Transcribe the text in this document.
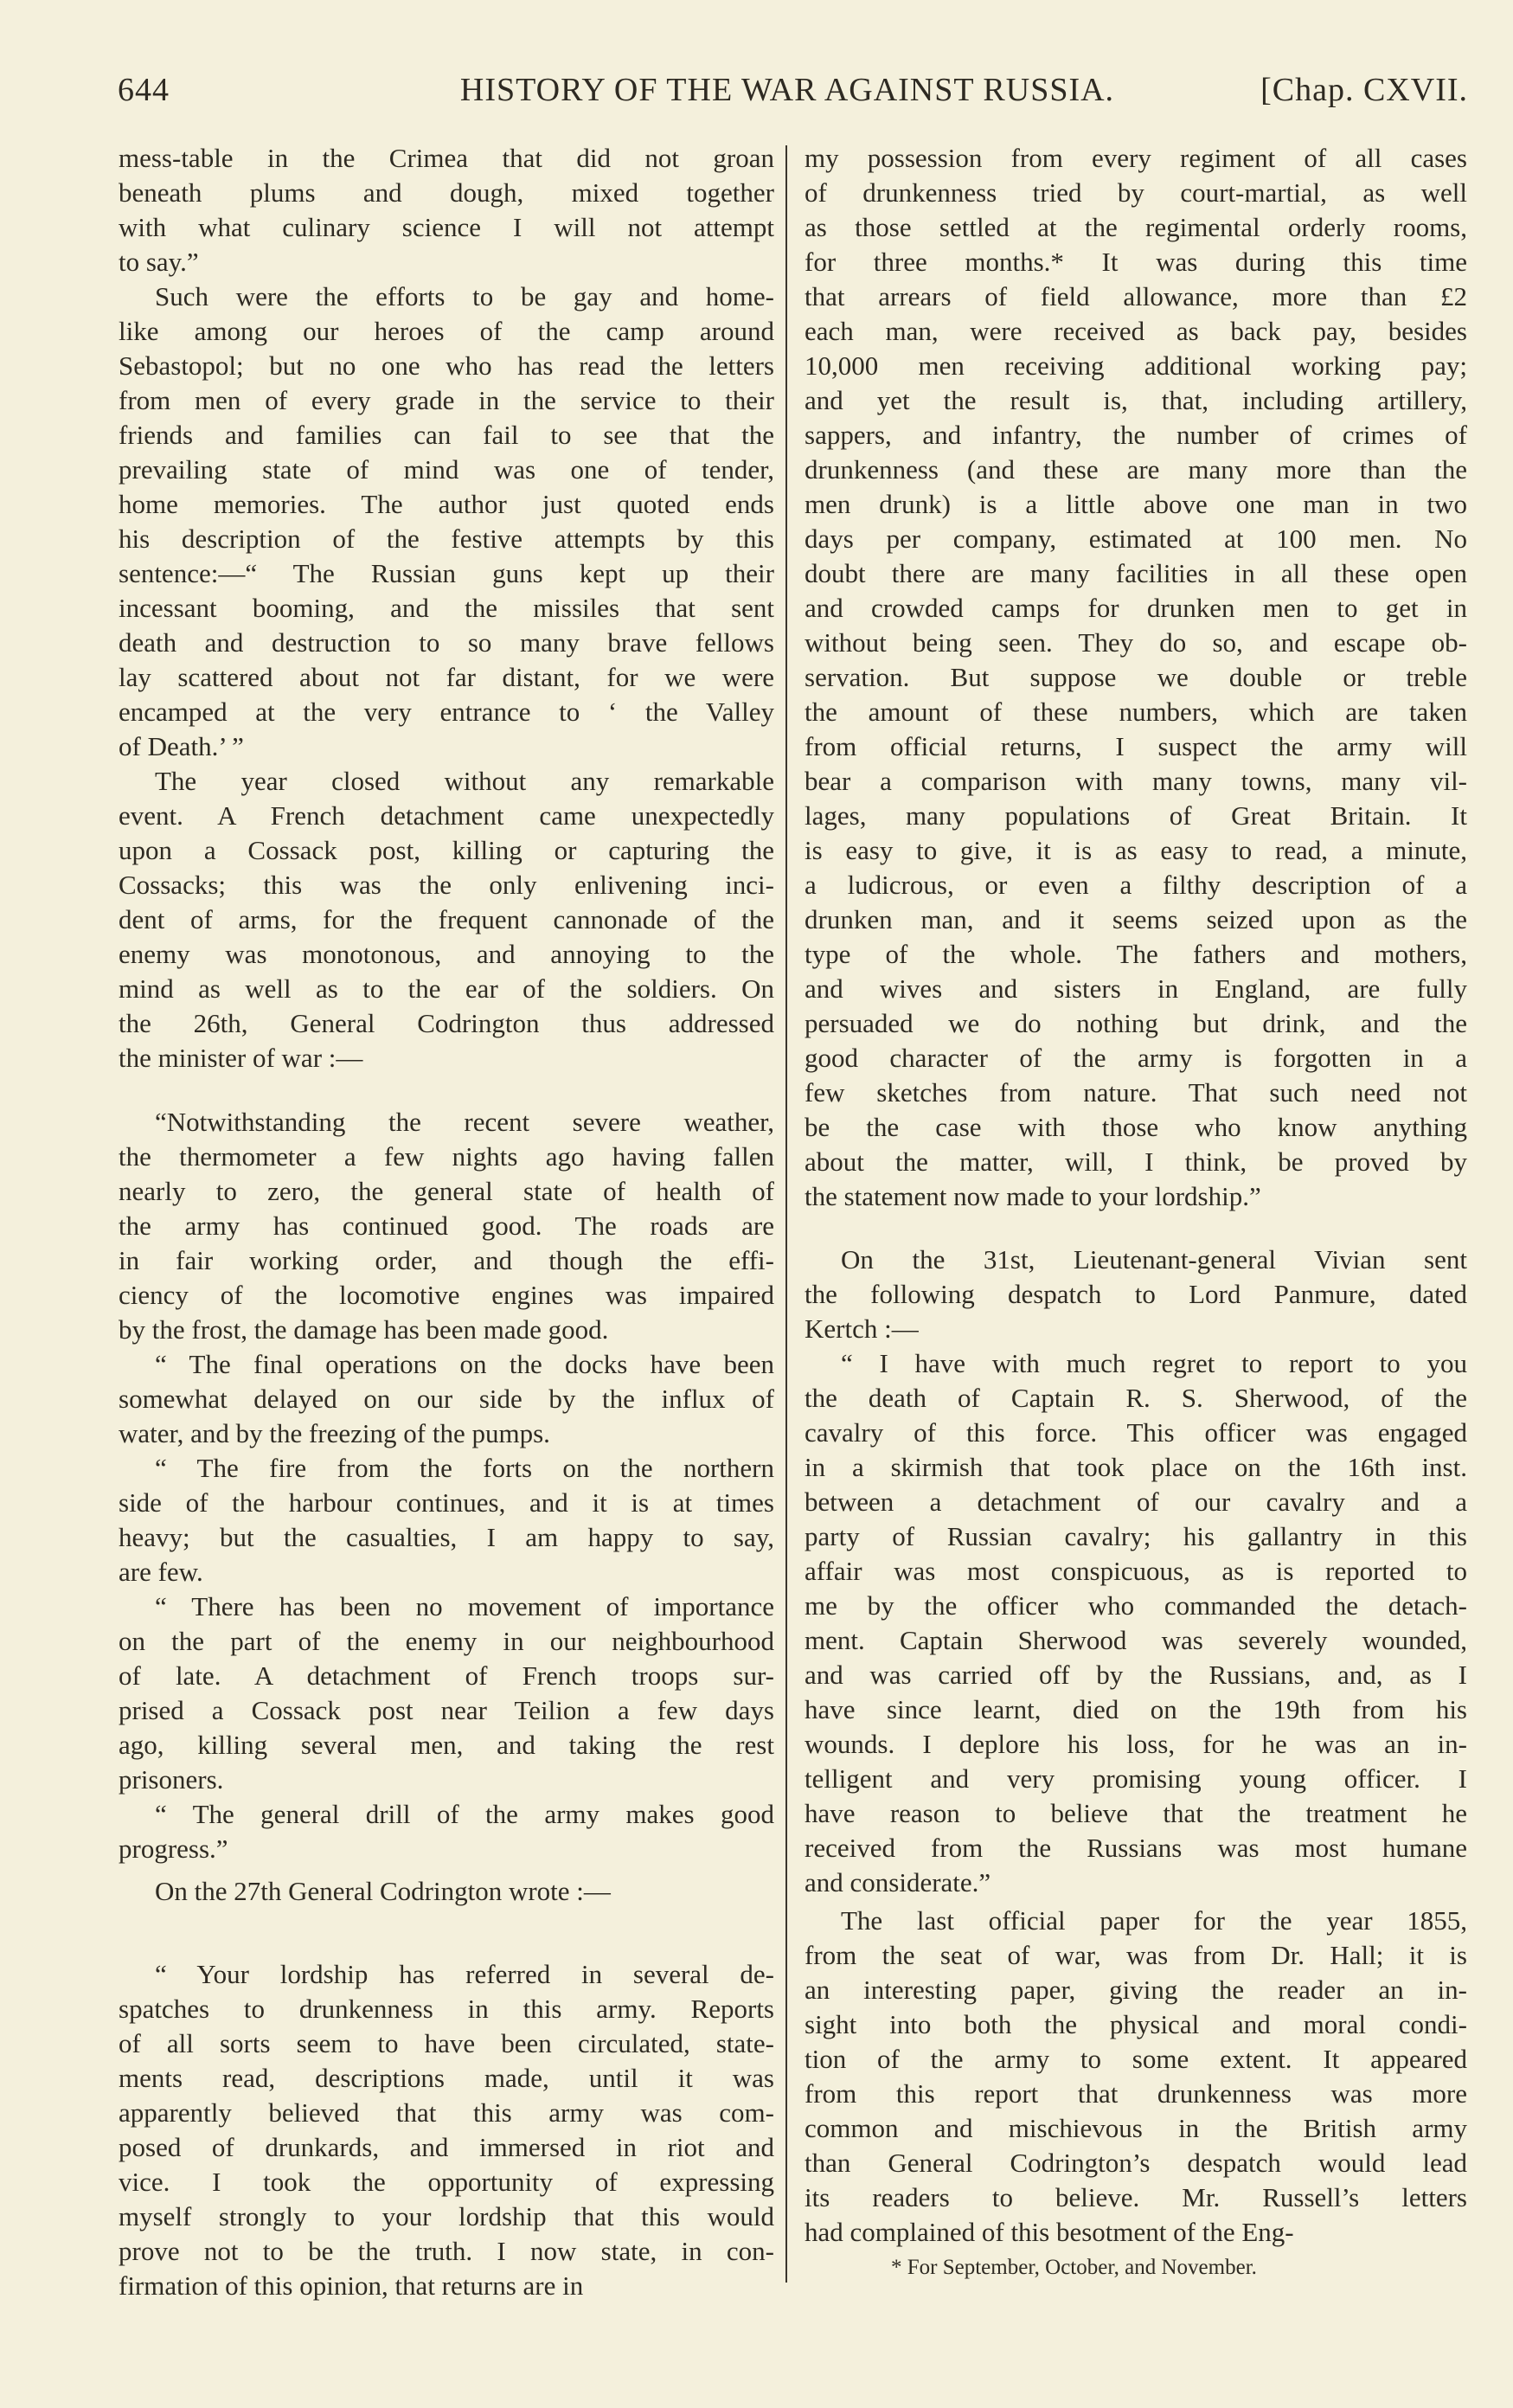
644	HISTORY OF THE WAR AGAINST RUSSIA.	[Chap. CXVII.
mess-table in the Crimea that did not groan
beneath plums and dough, mixed together
with what culinary science I will not attempt
to say.”
Such were the efforts to be gay and home-
like among our heroes of the camp around
Sebastopol; but no one who has read the letters
from men of every grade in the service to their
friends and families can fail to see that the
prevailing state of mind was one of tender,
home memories. The author just quoted ends
his description of the festive attempts by this
sentence:—“ The Russian guns kept up their
incessant booming, and the missiles that sent
death and destruction to so many brave fellows
lay scattered about not far distant, for we were
encamped at the very entrance to ‘ the Valley
of Death.’ ”
The year closed without any remarkable
event. A French detachment came unexpectedly
upon a Cossack post, killing or capturing the
Cossacks; this was the only enlivening inci-
dent of arms, for the frequent cannonade of the
enemy was monotonous, and annoying to the
mind as well as to the ear of the soldiers. On
the 26th, General Codrington thus addressed
the minister of war :—
“Notwithstanding the recent severe weather,
the thermometer a few nights ago having fallen
nearly to zero, the general state of health of
the army has continued good. The roads are
in fair working order, and though the effi-
ciency of the locomotive engines was impaired
by the frost, the damage has been made good.
“ The final operations on the docks have been
somewhat delayed on our side by the influx of
water, and by the freezing of the pumps.
“ The fire from the forts on the northern
side of the harbour continues, and it is at times
heavy; but the casualties, I am happy to say,
are few.
“ There has been no movement of importance
on the part of the enemy in our neighbourhood
of late. A detachment of French troops sur-
prised a Cossack post near Teilion a few days
ago, killing several men, and taking the rest
prisoners.
“ The general drill of the army makes good
progress.”
On the 27th General Codrington wrote :—
“ Your lordship has referred in several de-
spatches to drunkenness in this army. Reports
of all sorts seem to have been circulated, state-
ments read, descriptions made, until it was
apparently believed that this army was com-
posed of drunkards, and immersed in riot and
vice. I took the opportunity of expressing
myself strongly to your lordship that this would
prove not to be the truth. I now state, in con-
firmation of this opinion, that returns are in
my possession from every regiment of all cases
of drunkenness tried by court-martial, as well
as those settled at the regimental orderly rooms,
for three months.* It was during this time
that arrears of field allowance, more than £2
each man, were received as back pay, besides
10,000 men receiving additional working pay;
and yet the result is, that, including artillery,
sappers, and infantry, the number of crimes of
drunkenness (and these are many more than the
men drunk) is a little above one man in two
days per company, estimated at 100 men. No
doubt there are many facilities in all these open
and crowded camps for drunken men to get in
without being seen. They do so, and escape ob-
servation. But suppose we double or treble
the amount of these numbers, which are taken
from official returns, I suspect the army will
bear a comparison with many towns, many vil-
lages, many populations of Great Britain. It
is easy to give, it is as easy to read, a minute,
a ludicrous, or even a filthy description of a
drunken man, and it seems seized upon as the
type of the whole. The fathers and mothers,
and wives and sisters in England, are fully
persuaded we do nothing but drink, and the
good character of the army is forgotten in a
few sketches from nature. That such need not
be the case with those who know anything
about the matter, will, I think, be proved by
the statement now made to your lordship.”
On the 31st, Lieutenant-general Vivian sent
the following despatch to Lord Panmure, dated
Kertch :—
“ I have with much regret to report to you
the death of Captain R. S. Sherwood, of the
cavalry of this force. This officer was engaged
in a skirmish that took place on the 16th inst.
between a detachment of our cavalry and a
party of Russian cavalry; his gallantry in this
affair was most conspicuous, as is reported to
me by the officer who commanded the detach-
ment. Captain Sherwood was severely wounded,
and was carried off by the Russians, and, as I
have since learnt, died on the 19th from his
wounds. I deplore his loss, for he was an in-
telligent and very promising young officer. I
have reason to believe that the treatment he
received from the Russians was most humane
and considerate.”
The last official paper for the year 1855,
from the seat of war, was from Dr. Hall; it is
an interesting paper, giving the reader an in-
sight into both the physical and moral condi-
tion of the army to some extent. It appeared
from this report that drunkenness was more
common and mischievous in the British army
than General Codrington’s despatch would lead
its readers to believe. Mr. Russell’s letters
had complained of this besotment of the Eng-
* For September, October, and November.
